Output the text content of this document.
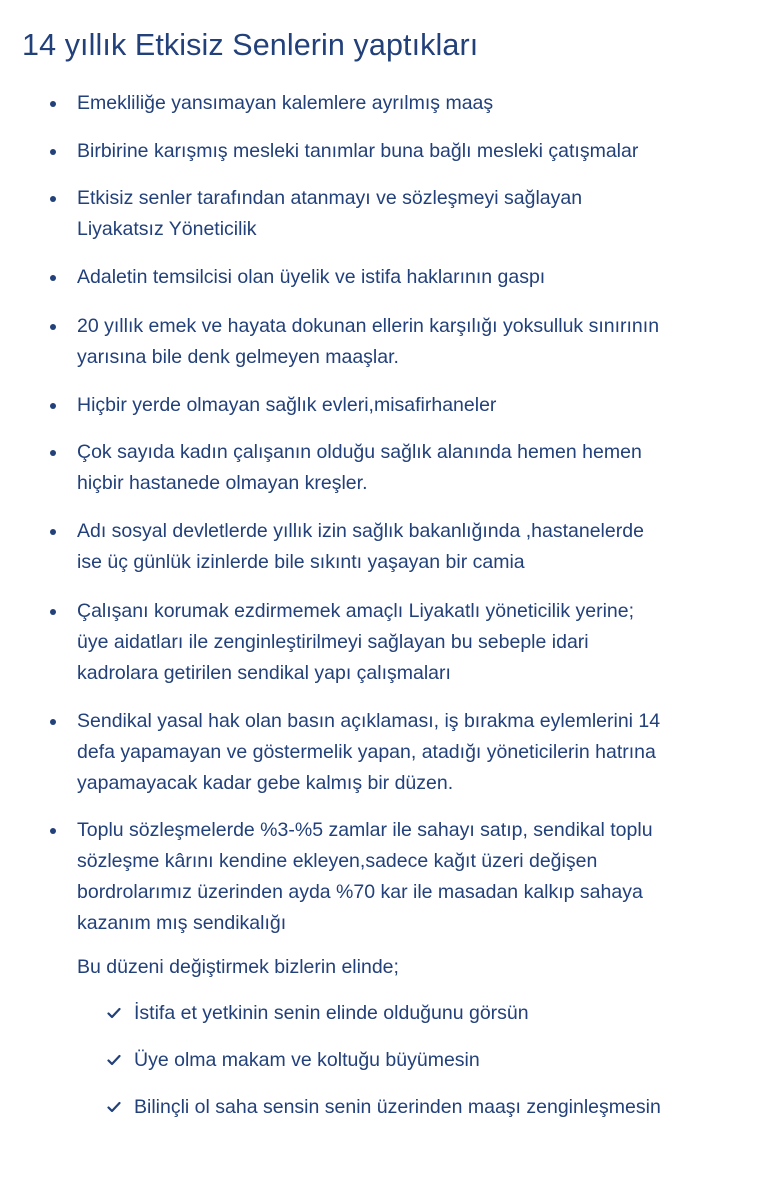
14 yıllık Etkisiz Senlerin yaptıkları
Emekliliğe yansımayan kalemlere ayrılmış maaş
Birbirine karışmış mesleki tanımlar buna bağlı mesleki çatışmalar
Etkisiz senler tarafından atanmayı ve sözleşmeyi sağlayan
Liyakatsız Yöneticilik
Adaletin temsilcisi olan üyelik ve istifa haklarının gaspı
20 yıllık emek ve hayata dokunan ellerin karşılığı yoksulluk sınırının
yarısına bile denk gelmeyen maaşlar.
Hiçbir yerde olmayan sağlık evleri,misafirhaneler
Çok sayıda kadın çalışanın olduğu sağlık alanında hemen hemen
hiçbir hastanede olmayan kreşler.
Adı sosyal devletlerde yıllık izin sağlık bakanlığında ,hastanelerde
ise üç günlük izinlerde bile sıkıntı yaşayan bir camia
Çalışanı korumak ezdirmemek amaçlı Liyakatlı yöneticilik yerine;
üye aidatları ile zenginleştirilmeyi sağlayan bu sebeple idari
kadrolara getirilen sendikal yapı çalışmaları
Sendikal yasal hak olan basın açıklaması, iş bırakma eylemlerini 14
defa yapamayan ve göstermelik yapan, atadığı yöneticilerin hatrına
yapamayacak kadar gebe kalmış bir düzen.
Toplu sözleşmelerde %3-%5 zamlar ile sahayı satıp, sendikal toplu
sözleşme kârını kendine ekleyen,sadece kağıt üzeri değişen
bordrolarımız üzerinden ayda %70 kar ile masadan kalkıp sahaya
kazanım mış sendikalığı
Bu düzeni değiştirmek bizlerin elinde;
İstifa et yetkinin senin elinde olduğunu görsün
Üye olma makam ve koltuğu büyümesin
Bilinçli ol saha sensin senin üzerinden maaşı zenginleşmesin
